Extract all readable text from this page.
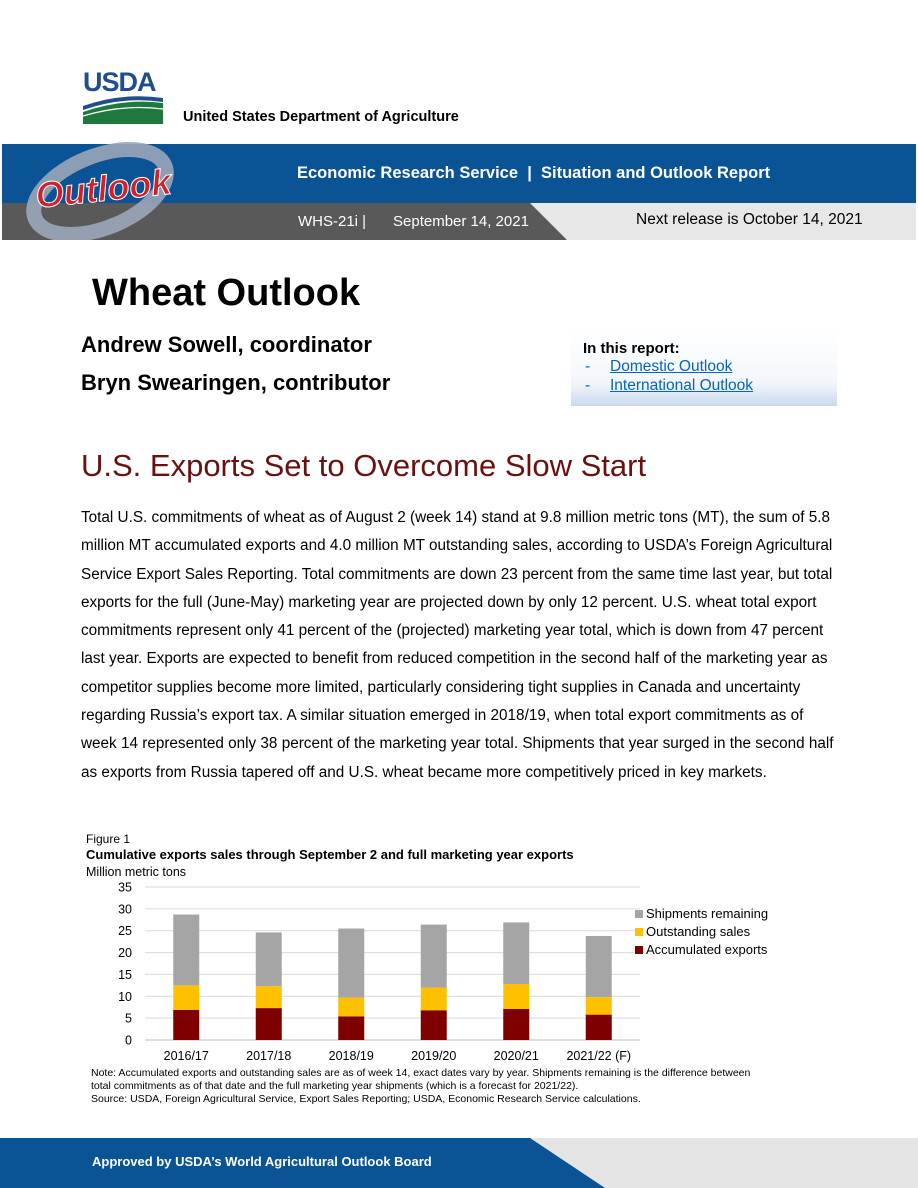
USDA
United States Department of Agriculture
Outlook	Economic Research Service  |  Situation and Outlook Report
WHS-21i | September 14, 2021	Next release is October 14, 2021
Wheat Outlook
Andrew Sowell, coordinator
Bryn Swearingen, contributor
In this report:
- Domestic Outlook
- International Outlook
U.S. Exports Set to Overcome Slow Start
Total U.S. commitments of wheat as of August 2 (week 14) stand at 9.8 million metric tons (MT), the sum of 5.8 million MT accumulated exports and 4.0 million MT outstanding sales, according to USDA’s Foreign Agricultural Service Export Sales Reporting. Total commitments are down 23 percent from the same time last year, but total exports for the full (June-May) marketing year are projected down by only 12 percent. U.S. wheat total export commitments represent only 41 percent of the (projected) marketing year total, which is down from 47 percent last year. Exports are expected to benefit from reduced competition in the second half of the marketing year as competitor supplies become more limited, particularly considering tight supplies in Canada and uncertainty regarding Russia’s export tax. A similar situation emerged in 2018/19, when total export commitments as of week 14 represented only 38 percent of the marketing year total. Shipments that year surged in the second half as exports from Russia tapered off and U.S. wheat became more competitively priced in key markets.
Figure 1
Cumulative exports sales through September 2 and full marketing year exports
Million metric tons
0
5
10
15
20
25
30
35
2016/17	2017/18	2018/19	2019/20	2020/21 2021/22 (F)
Shipments remaining
Outstanding sales
Accumulated exports
Note: Accumulated exports and outstanding sales are as of week 14, exact dates vary by year. Shipments remaining is the difference between total commitments as of that date and the full marketing year shipments (which is a forecast for 2021/22).
Source: USDA, Foreign Agricultural Service, Export Sales Reporting; USDA, Economic Research Service calculations.
Approved by USDA’s World Agricultural Outlook Board
